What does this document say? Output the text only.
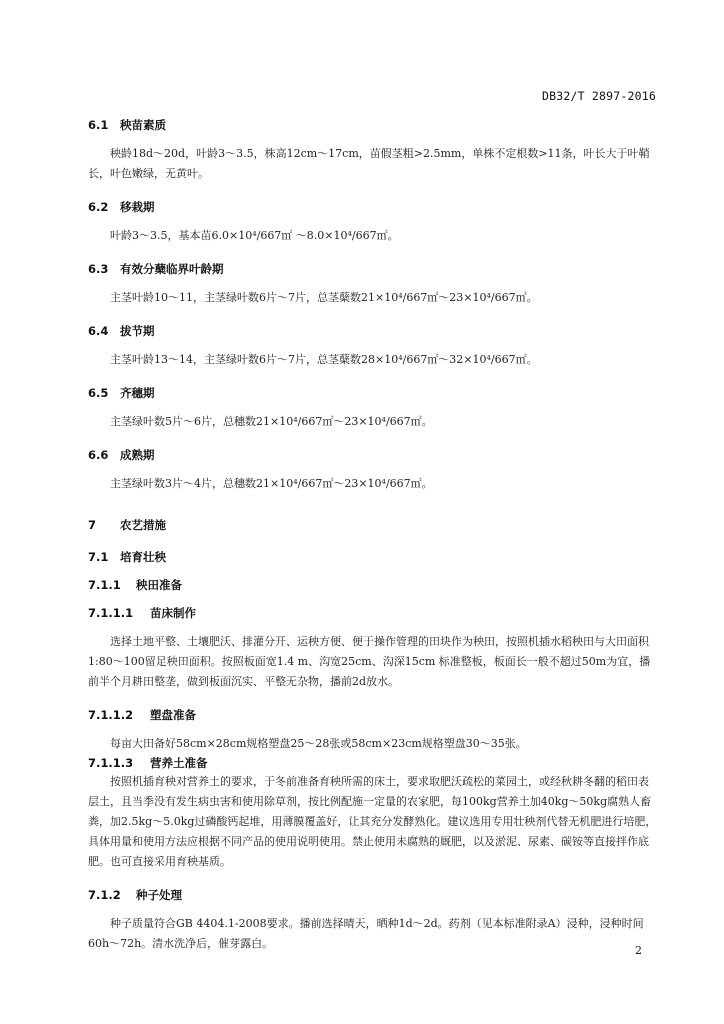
DB32/T 2897-2016
6.1 秧苗素质

秧龄18d～20d，叶龄3～3.5，株高12cm～17cm，苗假茎粗>2.5mm，单株不定根数>11条，叶长大于叶鞘长，叶色嫩绿，无黄叶。

6.2 移栽期

叶龄3～3.5，基本苗6.0×10⁴/667㎡ ～8.0×10⁴/667㎡。

6.3 有效分蘖临界叶龄期

主茎叶龄10～11，主茎绿叶数6片～7片，总茎蘖数21×10⁴/667㎡～23×10⁴/667㎡。

6.4 拔节期

主茎叶龄13～14，主茎绿叶数6片～7片，总茎蘖数28×10⁴/667㎡～32×10⁴/667㎡。

6.5 齐穗期

主茎绿叶数5片～6片，总穗数21×10⁴/667㎡～23×10⁴/667㎡。

6.6 成熟期

主茎绿叶数3片～4片，总穗数21×10⁴/667㎡～23×10⁴/667㎡。

7 农艺措施
7.1 培育壮秧
7.1.1 秧田准备
7.1.1.1 苗床制作

选择土地平整、土壤肥沃、排灌分开、运秧方便、便于操作管理的田块作为秧田，按照机插水稻秧田与大田面积1:80～100留足秧田面积。按照板面宽1.4 m、沟宽25cm、沟深15cm 标准整板，板面长一般不超过50m为宜，播前半个月耕田整垄，做到板面沉实、平整无杂物，播前2d放水。

7.1.1.2 塑盘准备

每亩大田备好58cm×28cm规格塑盘25～28张或58cm×23cm规格塑盘30～35张。

7.1.1.3 营养土准备

按照机插育秧对营养土的要求，于冬前准备育秧所需的床土，要求取肥沃疏松的菜园土，或经秋耕冬翻的稻田表层土，且当季没有发生病虫害和使用除草剂，按比例配施一定量的农家肥，每100kg营养土加40kg～50kg腐熟人畜粪，加2.5kg～5.0kg过磷酸钙起堆，用薄膜覆盖好，让其充分发酵熟化。建议选用专用壮秧剂代替无机肥进行培肥，具体用量和使用方法应根据不同产品的使用说明使用。禁止使用未腐熟的厩肥，以及淤泥、尿素、碳铵等直接拌作底肥。也可直接采用育秧基质。

7.1.2 种子处理

种子质量符合GB 4404.1-2008要求。播前选择晴天，晒种1d～2d。药剂（见本标准附录A）浸种，浸种时间60h～72h。清水洗净后，催芽露白。

2
